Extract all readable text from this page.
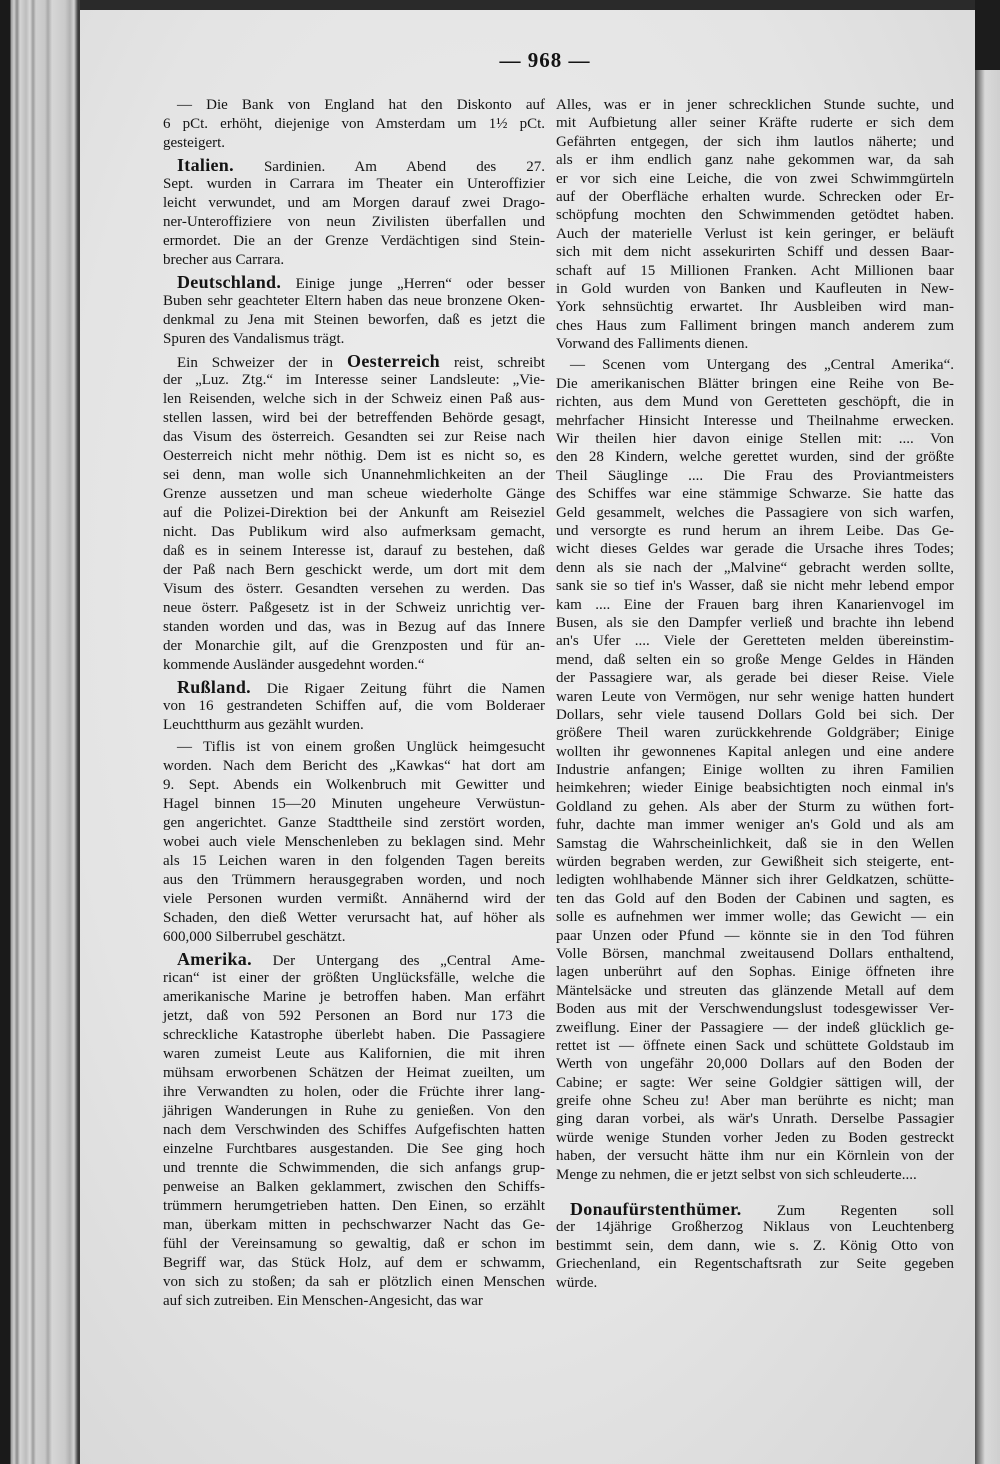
— 968 —
— Die Bank von England hat den Diskonto auf
6 pCt. erhöht, diejenige von Amsterdam um 1½ pCt.
gesteigert.
Italien. Sardinien. Am Abend des 27.
Sept. wurden in Carrara im Theater ein Unteroffizier
leicht verwundet, und am Morgen darauf zwei Drago-
ner-Unteroffiziere von neun Zivilisten überfallen und
ermordet. Die an der Grenze Verdächtigen sind Stein-
brecher aus Carrara.
Deutschland. Einige junge „Herren“ oder besser
Buben sehr geachteter Eltern haben das neue bronzene Oken-
denkmal zu Jena mit Steinen beworfen, daß es jetzt die
Spuren des Vandalismus trägt.
Ein Schweizer der in Oesterreich reist, schreibt
der „Luz. Ztg.“ im Interesse seiner Landsleute: „Vie-
len Reisenden, welche sich in der Schweiz einen Paß aus-
stellen lassen, wird bei der betreffenden Behörde gesagt,
das Visum des österreich. Gesandten sei zur Reise nach
Oesterreich nicht mehr nöthig. Dem ist es nicht so, es
sei denn, man wolle sich Unannehmlichkeiten an der
Grenze aussetzen und man scheue wiederholte Gänge
auf die Polizei-Direktion bei der Ankunft am Reiseziel
nicht. Das Publikum wird also aufmerksam gemacht,
daß es in seinem Interesse ist, darauf zu bestehen, daß
der Paß nach Bern geschickt werde, um dort mit dem
Visum des österr. Gesandten versehen zu werden. Das
neue österr. Paßgesetz ist in der Schweiz unrichtig ver-
standen worden und das, was in Bezug auf das Innere
der Monarchie gilt, auf die Grenzposten und für an-
kommende Ausländer ausgedehnt worden.“
Rußland. Die Rigaer Zeitung führt die Namen
von 16 gestrandeten Schiffen auf, die vom Bolderaer
Leuchtthurm aus gezählt wurden.
— Tiflis ist von einem großen Unglück heimgesucht
worden. Nach dem Bericht des „Kawkas“ hat dort am
9. Sept. Abends ein Wolkenbruch mit Gewitter und
Hagel binnen 15—20 Minuten ungeheure Verwüstun-
gen angerichtet. Ganze Stadttheile sind zerstört worden,
wobei auch viele Menschenleben zu beklagen sind. Mehr
als 15 Leichen waren in den folgenden Tagen bereits
aus den Trümmern herausgegraben worden, und noch
viele Personen wurden vermißt. Annähernd wird der
Schaden, den dieß Wetter verursacht hat, auf höher als
600,000 Silberrubel geschätzt.
Amerika. Der Untergang des „Central Ame-
rican“ ist einer der größten Unglücksfälle, welche die
amerikanische Marine je betroffen haben. Man erfährt
jetzt, daß von 592 Personen an Bord nur 173 die
schreckliche Katastrophe überlebt haben. Die Passagiere
waren zumeist Leute aus Kalifornien, die mit ihren
mühsam erworbenen Schätzen der Heimat zueilten, um
ihre Verwandten zu holen, oder die Früchte ihrer lang-
jährigen Wanderungen in Ruhe zu genießen. Von den
nach dem Verschwinden des Schiffes Aufgefischten hatten
einzelne Furchtbares ausgestanden. Die See ging hoch
und trennte die Schwimmenden, die sich anfangs grup-
penweise an Balken geklammert, zwischen den Schiffs-
trümmern herumgetrieben hatten. Den Einen, so erzählt
man, überkam mitten in pechschwarzer Nacht das Ge-
fühl der Vereinsamung so gewaltig, daß er schon im
Begriff war, das Stück Holz, auf dem er schwamm,
von sich zu stoßen; da sah er plötzlich einen Menschen
auf sich zutreiben. Ein Menschen-Angesicht, das war
Alles, was er in jener schrecklichen Stunde suchte, und
mit Aufbietung aller seiner Kräfte ruderte er sich dem
Gefährten entgegen, der sich ihm lautlos näherte; und
als er ihm endlich ganz nahe gekommen war, da sah
er vor sich eine Leiche, die von zwei Schwimmgürteln
auf der Oberfläche erhalten wurde. Schrecken oder Er-
schöpfung mochten den Schwimmenden getödtet haben.
Auch der materielle Verlust ist kein geringer, er beläuft
sich mit dem nicht assekurirten Schiff und dessen Baar-
schaft auf 15 Millionen Franken. Acht Millionen baar
in Gold wurden von Banken und Kaufleuten in New-
York sehnsüchtig erwartet. Ihr Ausbleiben wird man-
ches Haus zum Falliment bringen manch anderem zum
Vorwand des Falliments dienen.
— Scenen vom Untergang des „Central Amerika“.
Die amerikanischen Blätter bringen eine Reihe von Be-
richten, aus dem Mund von Geretteten geschöpft, die in
mehrfacher Hinsicht Interesse und Theilnahme erwecken.
Wir theilen hier davon einige Stellen mit: .... Von
den 28 Kindern, welche gerettet wurden, sind der größte
Theil Säuglinge .... Die Frau des Proviantmeisters
des Schiffes war eine stämmige Schwarze. Sie hatte das
Geld gesammelt, welches die Passagiere von sich warfen,
und versorgte es rund herum an ihrem Leibe. Das Ge-
wicht dieses Geldes war gerade die Ursache ihres Todes;
denn als sie nach der „Malvine“ gebracht werden sollte,
sank sie so tief in's Wasser, daß sie nicht mehr lebend empor
kam .... Eine der Frauen barg ihren Kanarienvogel im
Busen, als sie den Dampfer verließ und brachte ihn lebend
an's Ufer .... Viele der Geretteten melden übereinstim-
mend, daß selten ein so große Menge Geldes in Händen
der Passagiere war, als gerade bei dieser Reise. Viele
waren Leute von Vermögen, nur sehr wenige hatten hundert
Dollars, sehr viele tausend Dollars Gold bei sich. Der
größere Theil waren zurückkehrende Goldgräber; Einige
wollten ihr gewonnenes Kapital anlegen und eine andere
Industrie anfangen; Einige wollten zu ihren Familien
heimkehren; wieder Einige beabsichtigten noch einmal in's
Goldland zu gehen. Als aber der Sturm zu wüthen fort-
fuhr, dachte man immer weniger an's Gold und als am
Samstag die Wahrscheinlichkeit, daß sie in den Wellen
würden begraben werden, zur Gewißheit sich steigerte, ent-
ledigten wohlhabende Männer sich ihrer Geldkatzen, schütte-
ten das Gold auf den Boden der Cabinen und sagten, es
solle es aufnehmen wer immer wolle; das Gewicht — ein
paar Unzen oder Pfund — könnte sie in den Tod führen
Volle Börsen, manchmal zweitausend Dollars enthaltend,
lagen unberührt auf den Sophas. Einige öffneten ihre
Mäntelsäcke und streuten das glänzende Metall auf dem
Boden aus mit der Verschwendungslust todesgewisser Ver-
zweiflung. Einer der Passagiere — der indeß glücklich ge-
rettet ist — öffnete einen Sack und schüttete Goldstaub im
Werth von ungefähr 20,000 Dollars auf den Boden der
Cabine; er sagte: Wer seine Goldgier sättigen will, der
greife ohne Scheu zu! Aber man berührte es nicht; man
ging daran vorbei, als wär's Unrath. Derselbe Passagier
würde wenige Stunden vorher Jeden zu Boden gestreckt
haben, der versucht hätte ihm nur ein Körnlein von der
Menge zu nehmen, die er jetzt selbst von sich schleuderte....
Donaufürstenthümer. Zum Regenten soll
der 14jährige Großherzog Niklaus von Leuchtenberg
bestimmt sein, dem dann, wie s. Z. König Otto von
Griechenland, ein Regentschaftsrath zur Seite gegeben
würde.
